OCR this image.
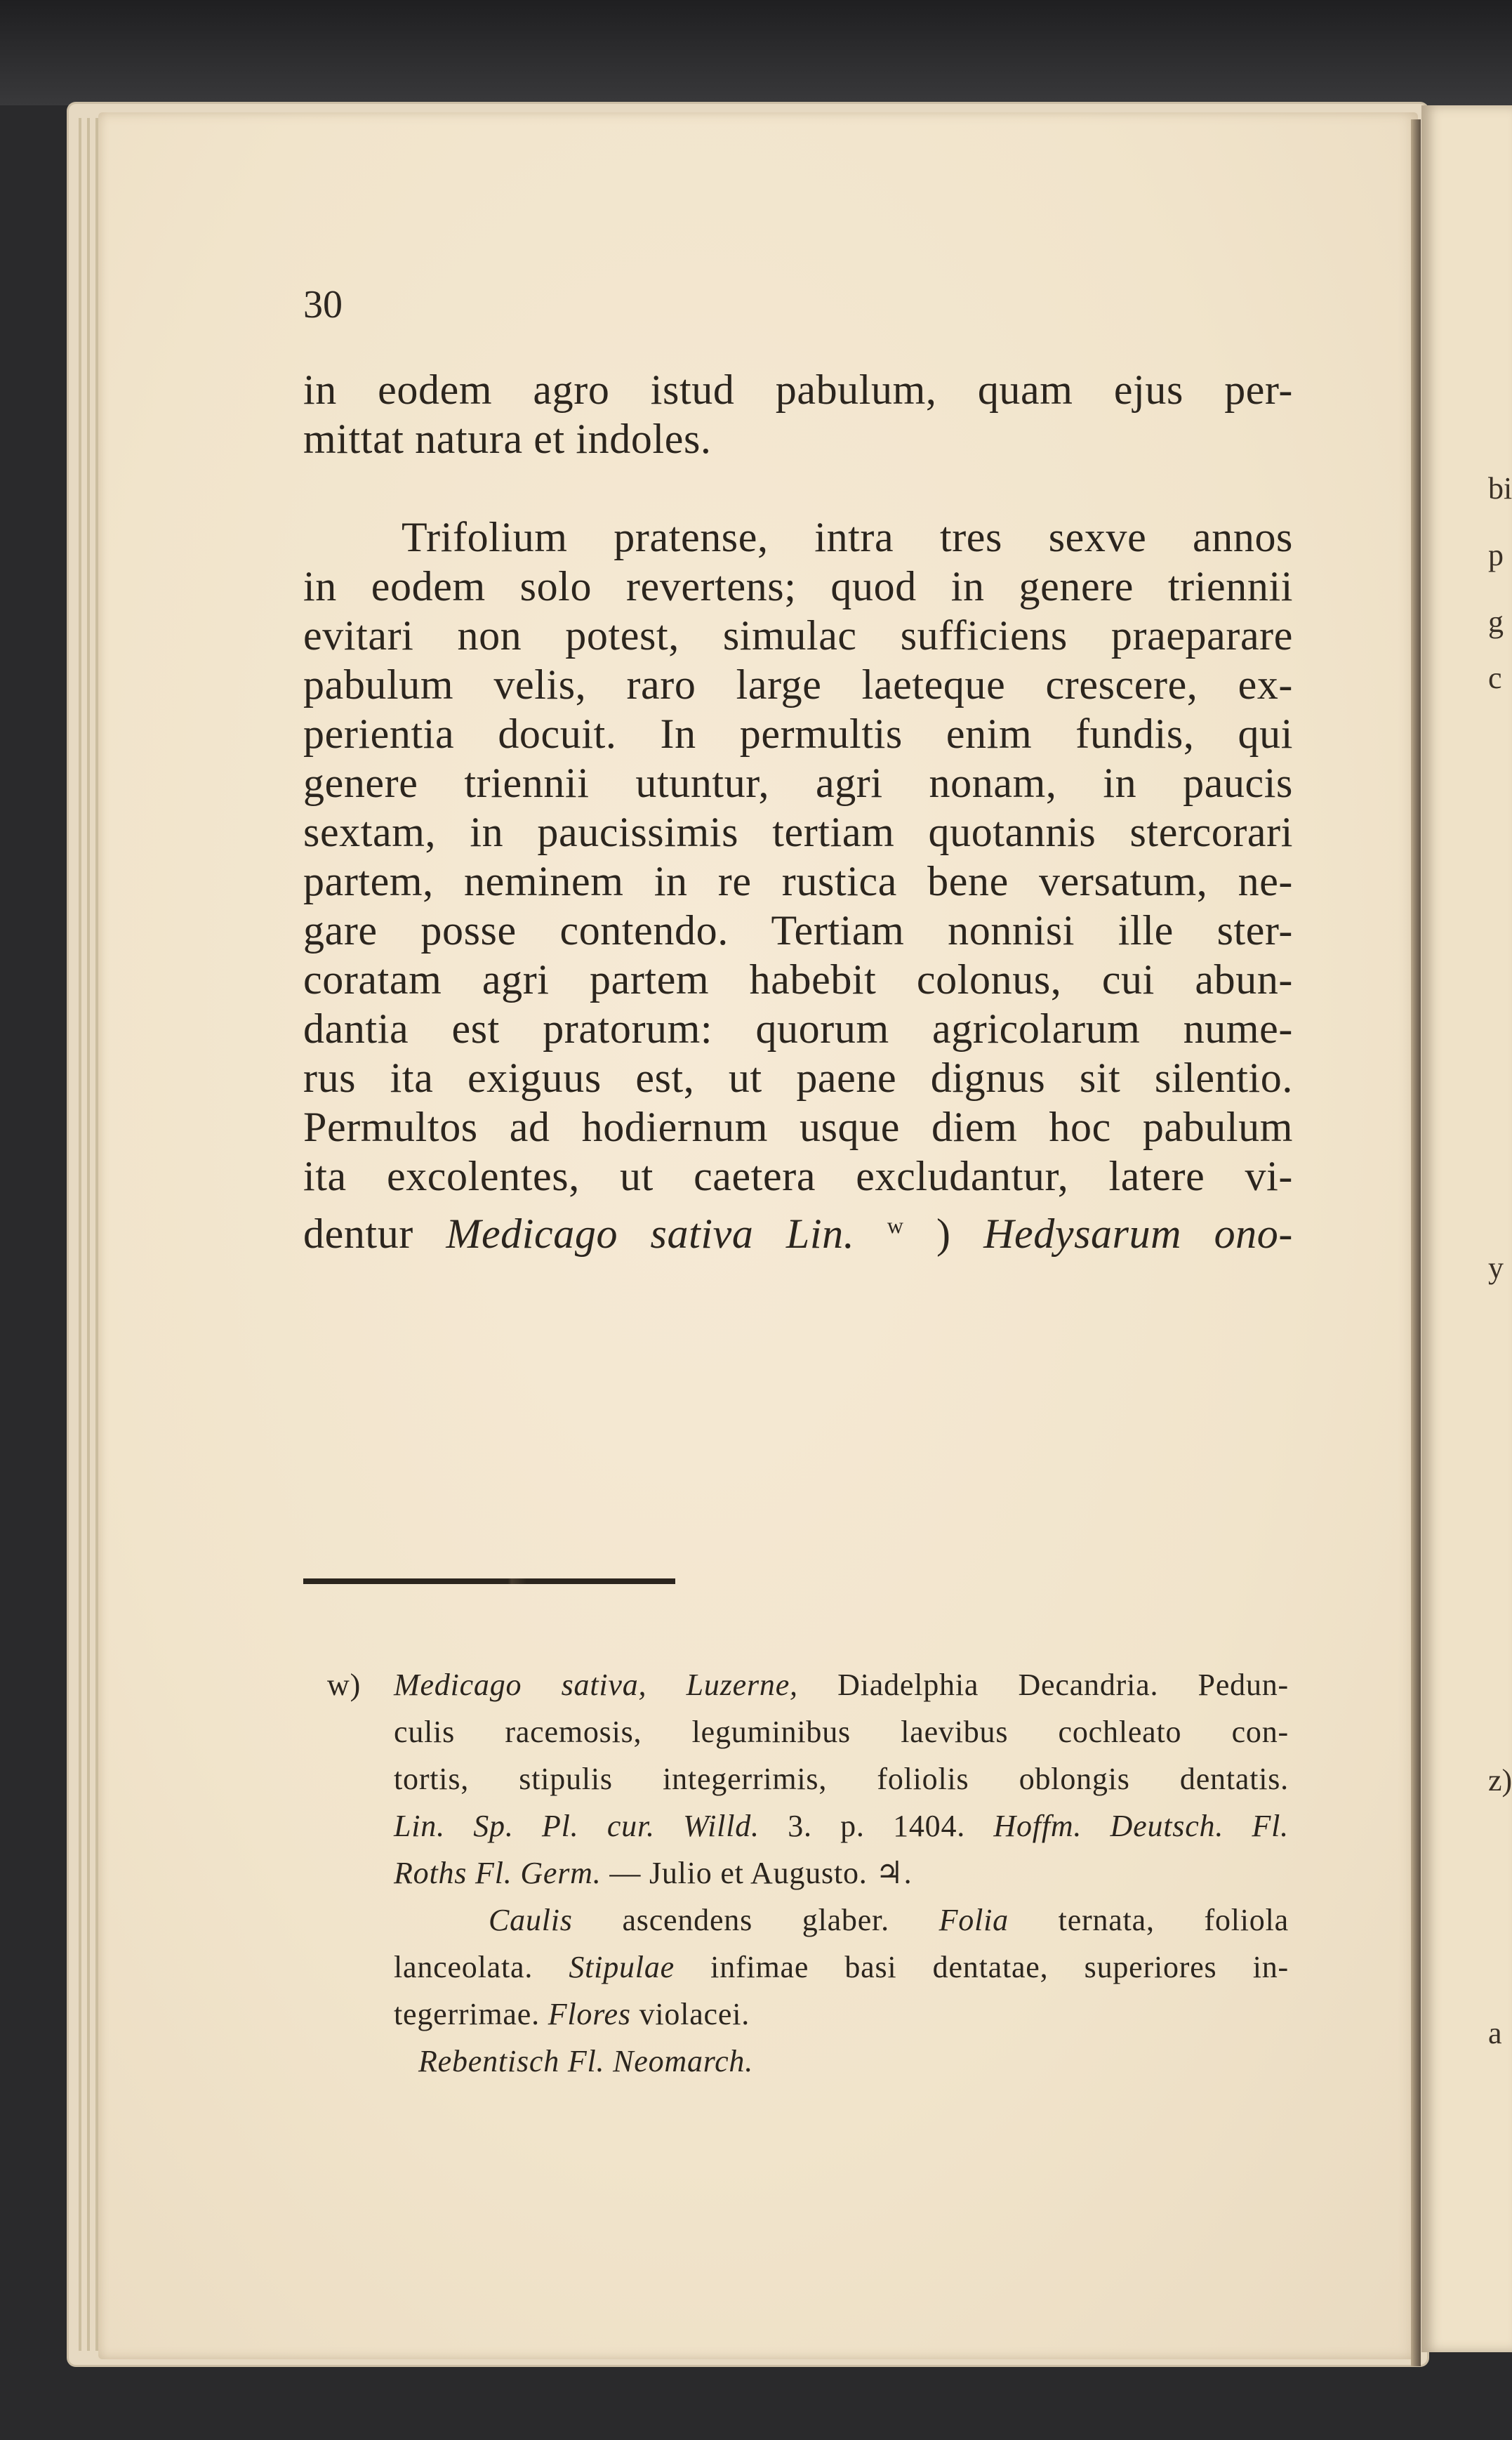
bi
p
g
c
y
z)
a
30
in eodem agro istud pabulum, quam ejus per-
mittat natura et indoles.
Trifolium pratense, intra tres sexve annos
in eodem solo revertens; quod in genere triennii
evitari non potest, simulac sufficiens praeparare
pabulum velis, raro large laeteque crescere, ex-
perientia docuit. In permultis enim fundis, qui
genere triennii utuntur, agri nonam, in paucis
sextam, in paucissimis tertiam quotannis stercorari
partem, neminem in re rustica bene versatum, ne-
gare posse contendo. Tertiam nonnisi ille ster-
coratam agri partem habebit colonus, cui abun-
dantia est pratorum: quorum agricolarum nume-
rus ita exiguus est, ut paene dignus sit silentio.
Permultos ad hodiernum usque diem hoc pabulum
ita excolentes, ut caetera excludantur, latere vi-
dentur Medicago sativa Lin. $^w$ ) Hedysarum ono-
w) Medicago sativa, Luzerne, Diadelphia Decandria. Pedun-
culis racemosis, leguminibus laevibus cochleato con-
tortis, stipulis integerrimis, foliolis oblongis dentatis.
Lin. Sp. Pl. cur. Willd. 3. p. 1404. Hoffm. Deutsch. Fl.
Roths Fl. Germ. — Julio et Augusto. ♃.
Caulis ascendens glaber. Folia ternata, foliola
lanceolata. Stipulae infimae basi dentatae, superiores in-
tegerrimae. Flores violacei.
Rebentisch Fl. Neomarch.
